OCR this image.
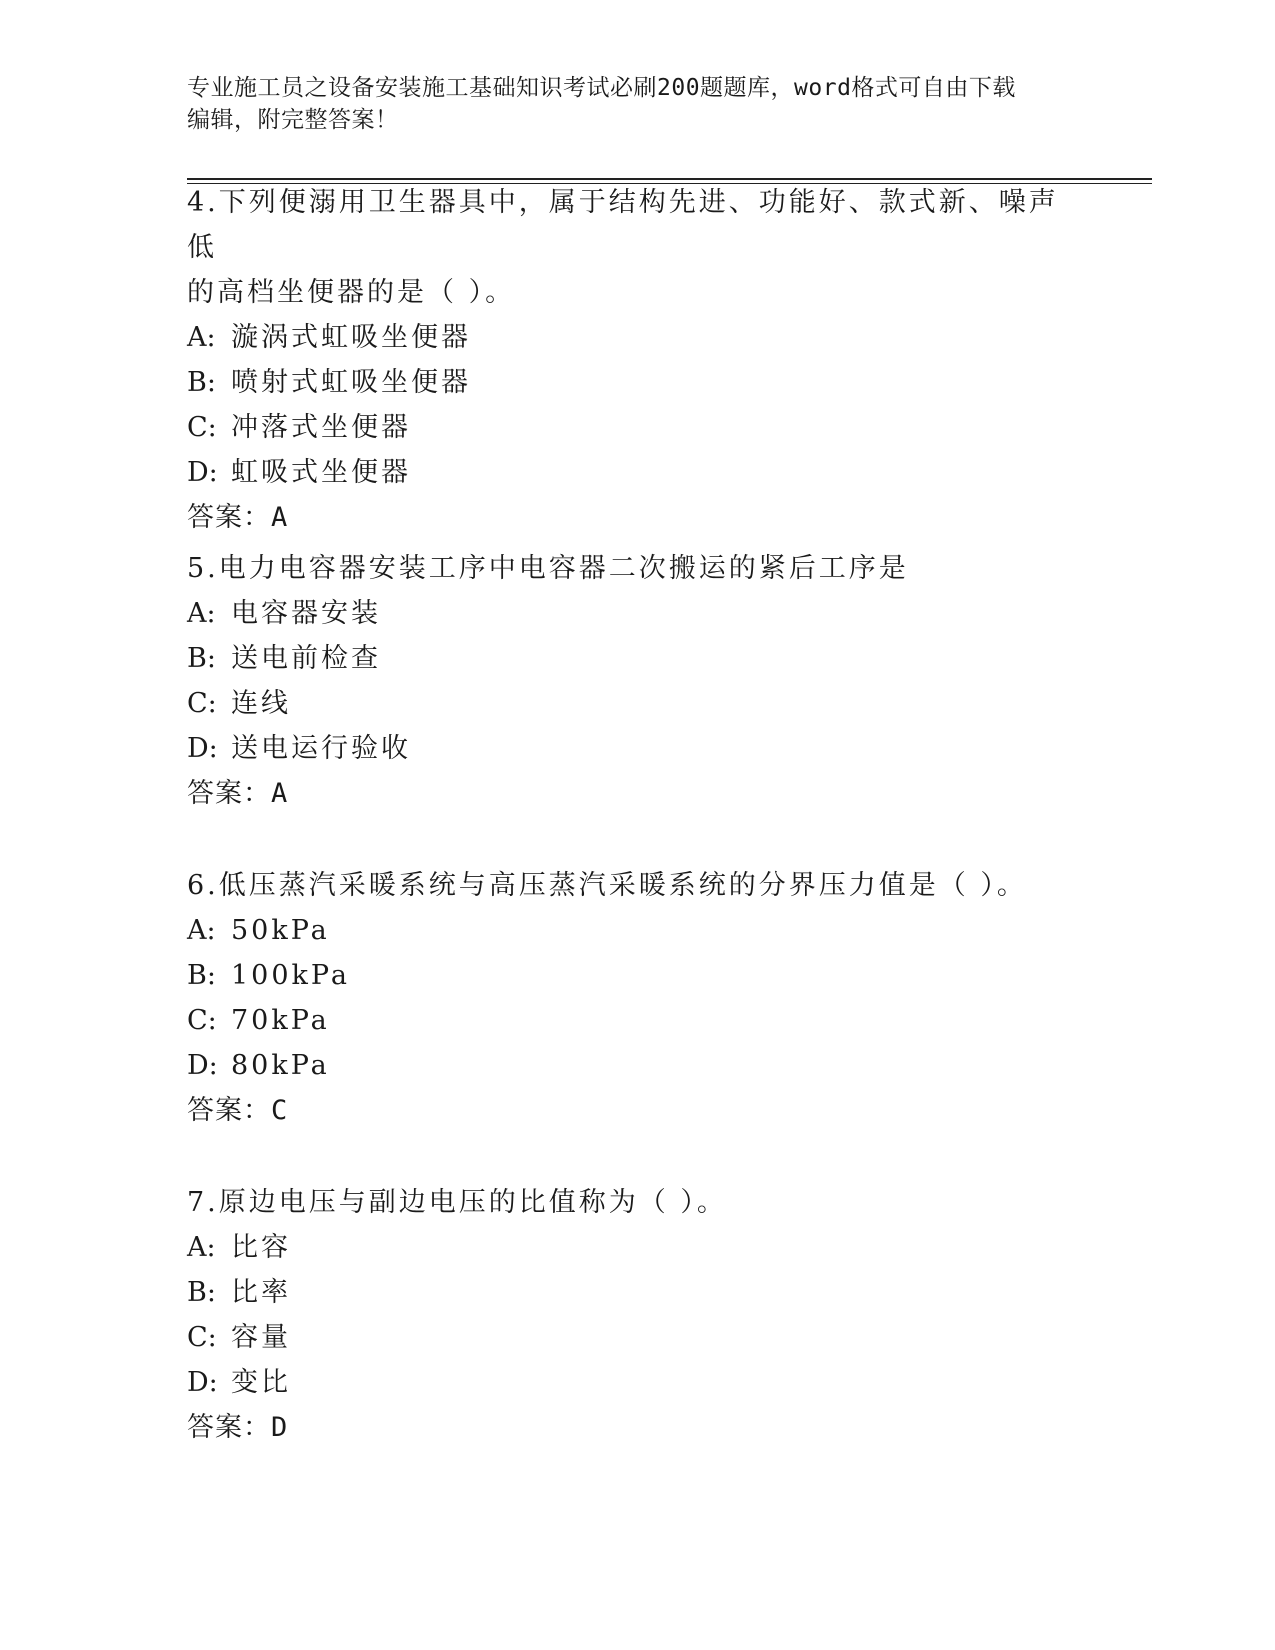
专业施工员之设备安装施工基础知识考试必刷200题题库，word格式可自由下载
编辑，附完整答案！

4.下列便溺用卫生器具中，属于结构先进、功能好、款式新、噪声低

的高档坐便器的是（ ）。

A: 漩涡式虹吸坐便器

B: 喷射式虹吸坐便器

C: 冲落式坐便器

D: 虹吸式坐便器

答案：A

5.电力电容器安装工序中电容器二次搬运的紧后工序是

A: 电容器安装

B: 送电前检查

C: 连线

D: 送电运行验收

答案：A

6.低压蒸汽采暖系统与高压蒸汽采暖系统的分界压力值是（ ）。

A: 50kPa

B: 100kPa

C: 70kPa

D: 80kPa

答案：C

7.原边电压与副边电压的比值称为（ ）。

A: 比容

B: 比率

C: 容量

D: 变比

答案：D
